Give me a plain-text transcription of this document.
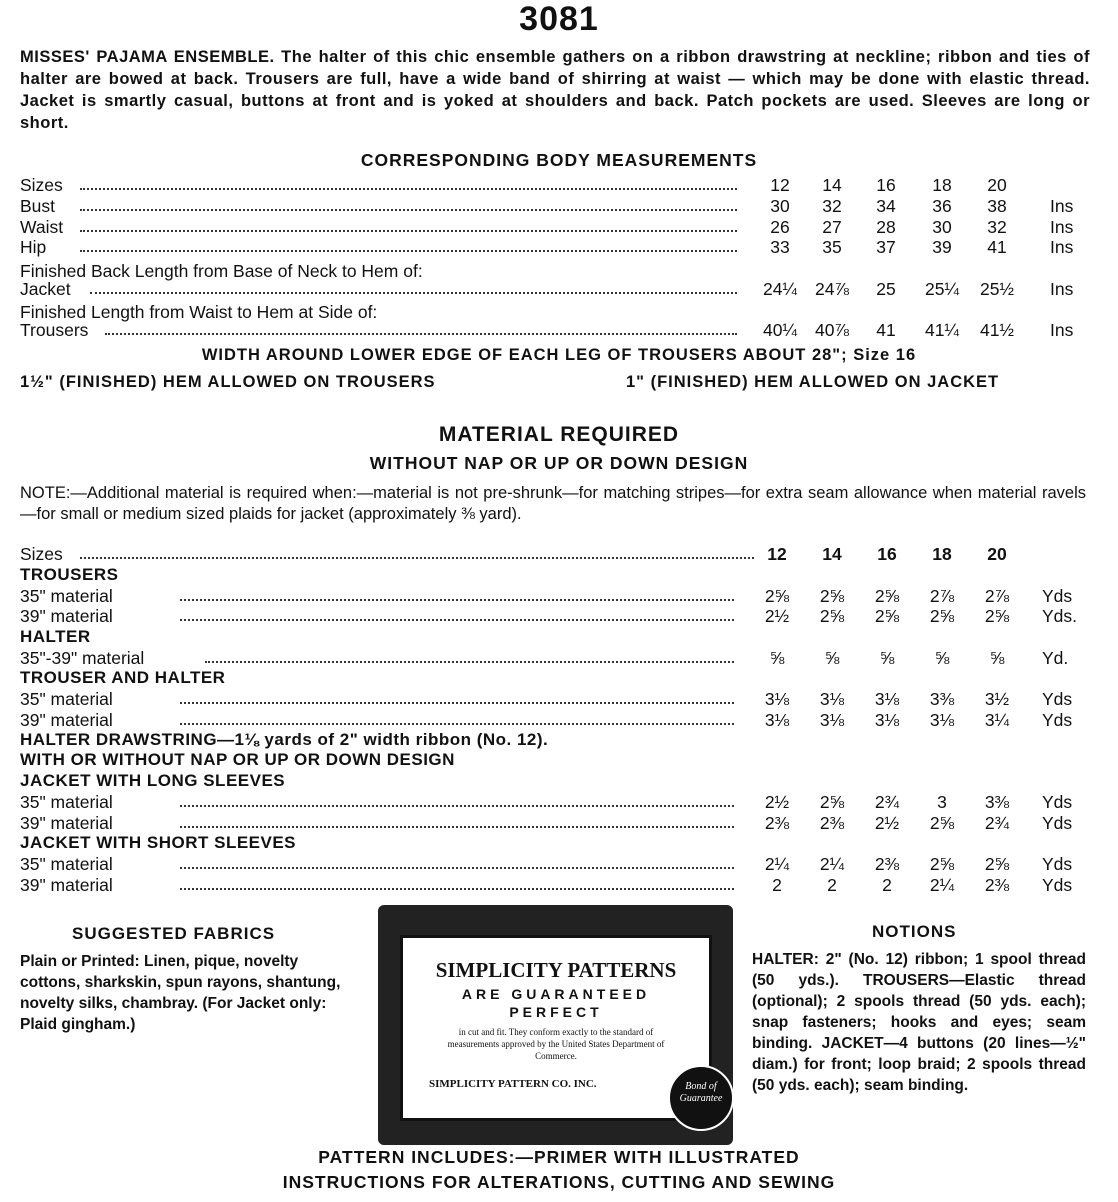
3081
MISSES' PAJAMA ENSEMBLE. The halter of this chic ensemble gathers on a ribbon drawstring at neckline; ribbon and ties of halter are bowed at back. Trousers are full, have a wide band of shirring at waist — which may be done with elastic thread. Jacket is smartly casual, buttons at front and is yoked at shoulders and back. Patch pockets are used. Sleeves are long or short.
CORRESPONDING BODY MEASUREMENTS
Sizes	12	14	16	18	20
Bust	30	32	34	36	38	Ins
Waist	26	27	28	30	32	Ins
Hip	33	35	37	39	41	Ins
Jacket	24¼	24⅞	25	25¼	25½	Ins
Trousers	40¼	40⅞	41	41¼	41½	Ins
Finished Back Length from Base of Neck to Hem of:
Finished Length from Waist to Hem at Side of:
WIDTH AROUND LOWER EDGE OF EACH LEG OF TROUSERS ABOUT 28"; Size 16
1½" (FINISHED) HEM ALLOWED ON TROUSERS	1" (FINISHED) HEM ALLOWED ON JACKET
MATERIAL REQUIRED
WITHOUT NAP OR UP OR DOWN DESIGN
NOTE:—Additional material is required when:—material is not pre-shrunk—for matching stripes—for extra seam allowance when material ravels—for small or medium sized plaids for jacket (approximately ⅜ yard).
Sizes	12	14	16	18	20
35" material	2⅝	2⅝	2⅝	2⅞	2⅞	Yds
39" material	2½	2⅝	2⅝	2⅝	2⅝	Yds.
35"-39" material	⅝	⅝	⅝	⅝	⅝	Yd.
35" material	3⅛	3⅛	3⅛	3⅜	3½	Yds
39" material	3⅛	3⅛	3⅛	3⅛	3¼	Yds
35" material	2½	2⅝	2¾	3	3⅜	Yds
39" material	2⅜	2⅜	2½	2⅝	2¾	Yds
35" material	2¼	2¼	2⅜	2⅝	2⅝	Yds
39" material	2	2	2	2¼	2⅜	Yds
TROUSERS
HALTER
TROUSER AND HALTER
HALTER DRAWSTRING—1⅛ yards of 2" width ribbon (No. 12).
WITH OR WITHOUT NAP OR UP OR DOWN DESIGN
JACKET WITH LONG SLEEVES
JACKET WITH SHORT SLEEVES
SUGGESTED FABRICS
Plain or Printed: Linen, pique, novelty cottons, sharkskin, spun rayons, shantung, novelty silks, chambray. (For Jacket only: Plaid gingham.)
SIMPLICITY PATTERNS
ARE GUARANTEED
PERFECT
in cut and fit. They conform exactly to the standard of measurements approved by the United States Department of Commerce.
SIMPLICITY PATTERN CO. INC.	Bond of Guarantee
NOTIONS
HALTER: 2" (No. 12) ribbon; 1 spool thread (50 yds.). TROUSERS—Elastic thread (optional); 2 spools thread (50 yds. each); snap fasteners; hooks and eyes; seam binding. JACKET—4 buttons (20 lines—½" diam.) for front; loop braid; 2 spools thread (50 yds. each); seam binding.
PATTERN INCLUDES:—PRIMER WITH ILLUSTRATED
INSTRUCTIONS FOR ALTERATIONS, CUTTING AND SEWING
